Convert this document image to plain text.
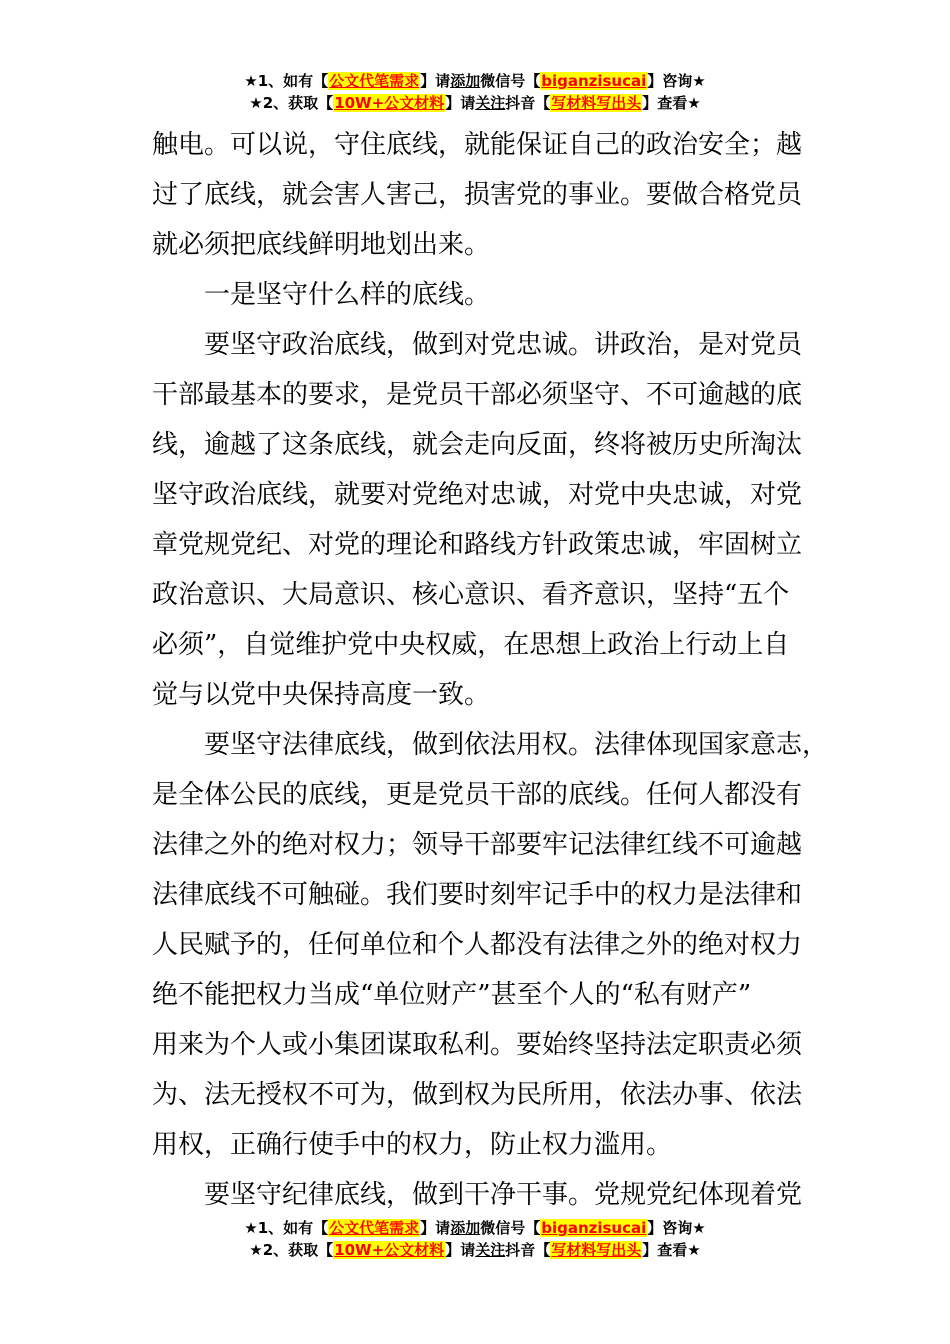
★1、如有【公文代笔需求】请添加微信号【biganzisucai】咨询★
★2、获取【10W+公文材料】请关注抖音【写材料写出头】查看★

触电。可以说，守住底线，就能保证自己的政治安全；越

过了底线，就会害人害己，损害党的事业。要做合格党员

就必须把底线鲜明地划出来。

一是坚守什么样的底线。

要坚守政治底线，做到对党忠诚。讲政治，是对党员

干部最基本的要求，是党员干部必须坚守、不可逾越的底

线，逾越了这条底线，就会走向反面，终将被历史所淘汰

坚守政治底线，就要对党绝对忠诚，对党中央忠诚，对党

章党规党纪、对党的理论和路线方针政策忠诚，牢固树立

政治意识、大局意识、核心意识、看齐意识，坚持“五个

必须”，自觉维护党中央权威，在思想上政治上行动上自

觉与以党中央保持高度一致。

要坚守法律底线，做到依法用权。法律体现国家意志，

是全体公民的底线，更是党员干部的底线。任何人都没有

法律之外的绝对权力；领导干部要牢记法律红线不可逾越

法律底线不可触碰。我们要时刻牢记手中的权力是法律和

人民赋予的，任何单位和个人都没有法律之外的绝对权力

绝不能把权力当成“单位财产”甚至个人的“私有财产”

用来为个人或小集团谋取私利。要始终坚持法定职责必须

为、法无授权不可为，做到权为民所用，依法办事、依法

用权，正确行使手中的权力，防止权力滥用。

要坚守纪律底线，做到干净干事。党规党纪体现着党

★1、如有【公文代笔需求】请添加微信号【biganzisucai】咨询★
★2、获取【10W+公文材料】请关注抖音【写材料写出头】查看★
